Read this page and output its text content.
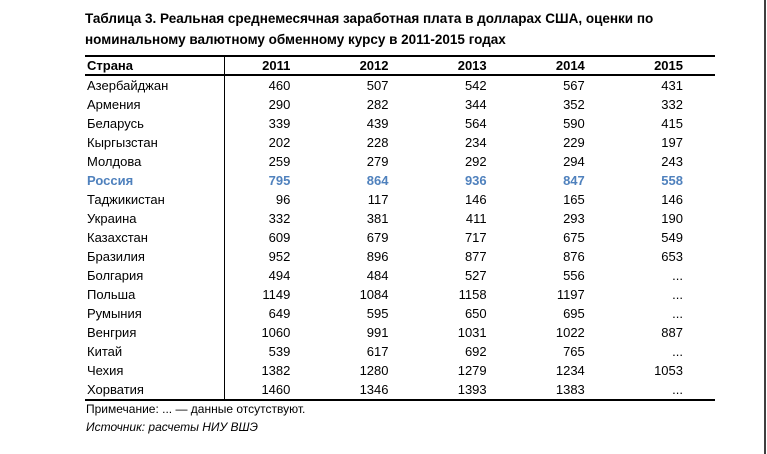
Таблица 3. Реальная среднемесячная заработная плата в долларах США, оценки по номинальному валютному обменному курсу в 2011-2015 годах
Страна	2011	2012	2013	2014	2015
Азербайджан	460	507	542	567	431
Армения	290	282	344	352	332
Беларусь	339	439	564	590	415
Кыргызстан	202	228	234	229	197
Молдова	259	279	292	294	243
Россия	795	864	936	847	558
Таджикистан	96	117	146	165	146
Украина	332	381	411	293	190
Казахстан	609	679	717	675	549
Бразилия	952	896	877	876	653
Болгария	494	484	527	556	...
Польша	1149	1084	1158	1197	...
Румыния	649	595	650	695	...
Венгрия	1060	991	1031	1022	887
Китай	539	617	692	765	...
Чехия	1382	1280	1279	1234	1053
Хорватия	1460	1346	1393	1383	...
Примечание: ... — данные отсутствуют.
Источник: расчеты НИУ ВШЭ
